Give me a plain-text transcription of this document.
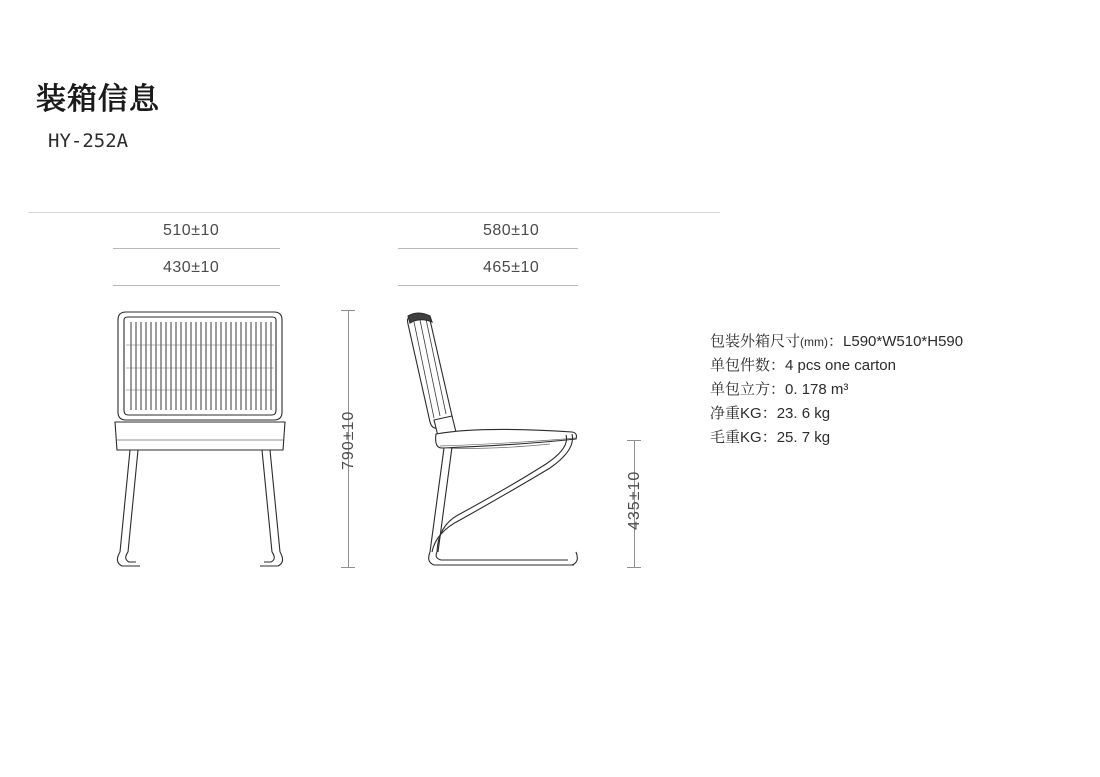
装箱信息
HY-252A
510±10
430±10
790±10
580±10
465±10
435±10
包装外箱尺寸(mm)：L590*W510*H590
单包件数：4 pcs one carton
单包立方：0. 178 m³
净重KG：23. 6 kg
毛重KG：25. 7 kg
